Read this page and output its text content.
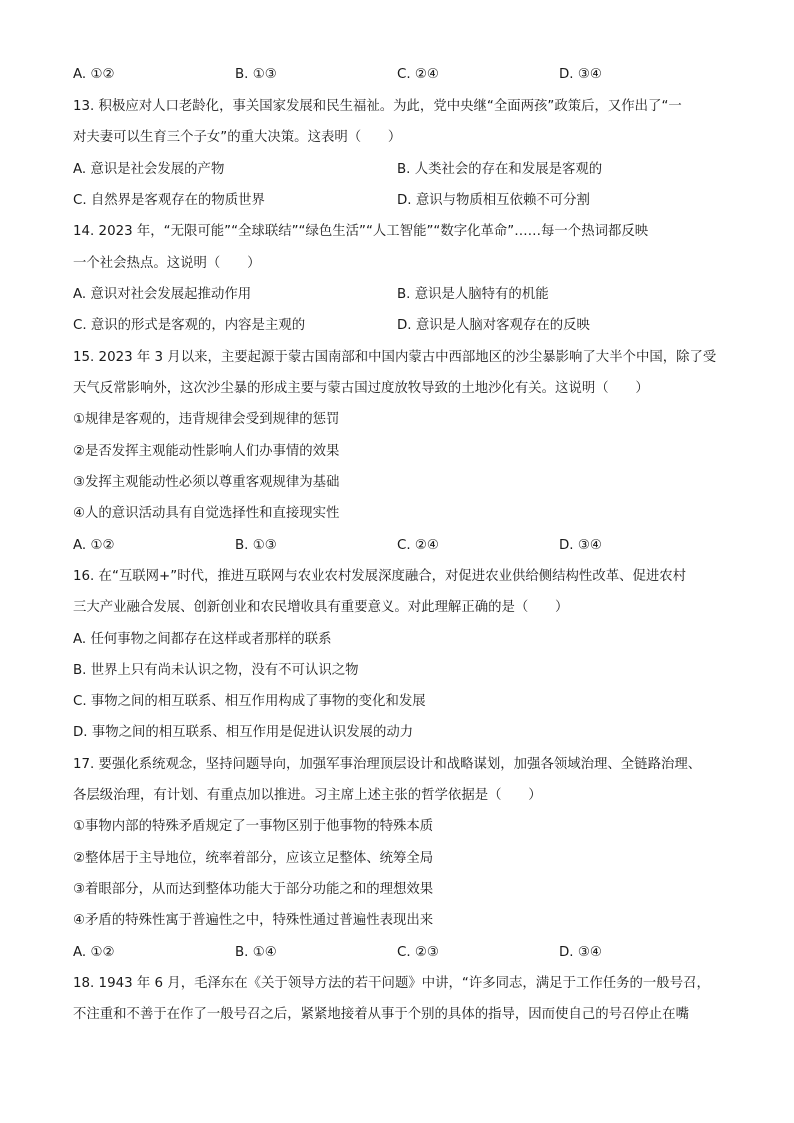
A. ①②	B. ①③	C. ②④	D. ③④
13. 积极应对人口老龄化，事关国家发展和民生福祉。为此，党中央继“全面两孩”政策后，又作出了“一
对夫妻可以生育三个子女”的重大决策。这表明（　　）
A. 意识是社会发展的产物	B. 人类社会的存在和发展是客观的
C. 自然界是客观存在的物质世界	D. 意识与物质相互依赖不可分割
14. 2023 年，“无限可能”“全球联结”“绿色生活”“人工智能”“数字化革命”……每一个热词都反映
一个社会热点。这说明（　　）
A. 意识对社会发展起推动作用	B. 意识是人脑特有的机能
C. 意识的形式是客观的，内容是主观的	D. 意识是人脑对客观存在的反映
15. 2023 年 3 月以来，主要起源于蒙古国南部和中国内蒙古中西部地区的沙尘暴影响了大半个中国，除了受
天气反常影响外，这次沙尘暴的形成主要与蒙古国过度放牧导致的土地沙化有关。这说明（　　）
①规律是客观的，违背规律会受到规律的惩罚
②是否发挥主观能动性影响人们办事情的效果
③发挥主观能动性必须以尊重客观规律为基础
④人的意识活动具有自觉选择性和直接现实性
A. ①②	B. ①③	C. ②④	D. ③④
16. 在“互联网+”时代，推进互联网与农业农村发展深度融合，对促进农业供给侧结构性改革、促进农村
三大产业融合发展、创新创业和农民增收具有重要意义。对此理解正确的是（　　）
A. 任何事物之间都存在这样或者那样的联系
B. 世界上只有尚未认识之物，没有不可认识之物
C. 事物之间的相互联系、相互作用构成了事物的变化和发展
D. 事物之间的相互联系、相互作用是促进认识发展的动力
17. 要强化系统观念，坚持问题导向，加强军事治理顶层设计和战略谋划，加强各领域治理、全链路治理、
各层级治理，有计划、有重点加以推进。习主席上述主张的哲学依据是（　　）
①事物内部的特殊矛盾规定了一事物区别于他事物的特殊本质
②整体居于主导地位，统率着部分，应该立足整体、统筹全局
③着眼部分，从而达到整体功能大于部分功能之和的理想效果
④矛盾的特殊性寓于普遍性之中，特殊性通过普遍性表现出来
A. ①②	B. ①④	C. ②③	D. ③④
18. 1943 年 6 月，毛泽东在《关于领导方法的若干问题》中讲，“许多同志，满足于工作任务的一般号召，
不注重和不善于在作了一般号召之后，紧紧地接着从事于个别的具体的指导，因而使自己的号召停止在嘴
